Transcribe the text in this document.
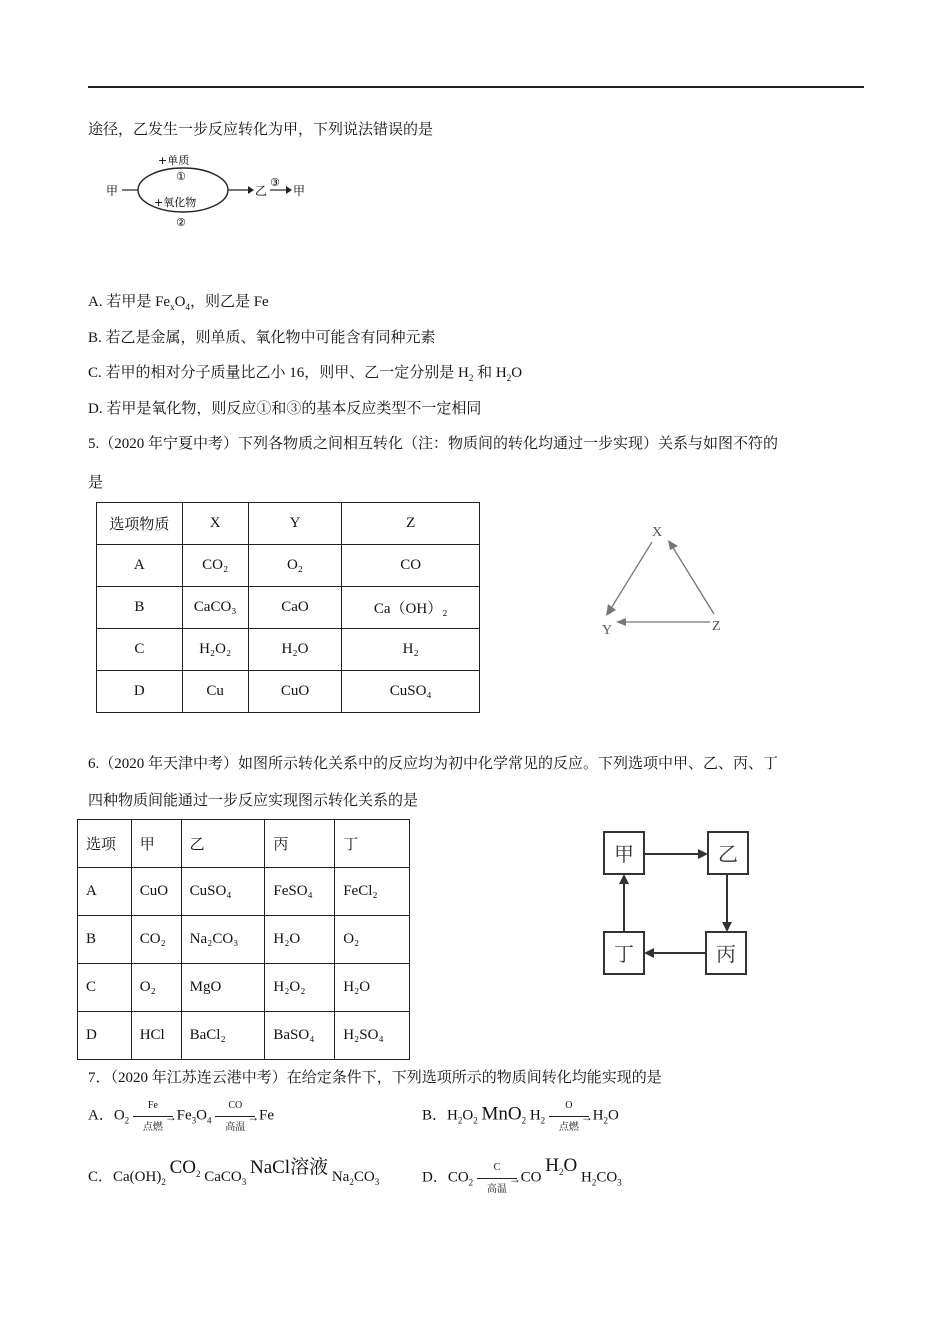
途径，乙发生一步反应转化为甲，下列说法错误的是
甲
+单质
①
+氧化物
②
乙
③
甲
A. 若甲是 $Fe_xO_4$，则乙是 Fe
B. 若乙是金属，则单质、氧化物中可能含有同种元素
C. 若甲的相对分子质量比乙小 16，则甲、乙一定分别是 $H_2$ 和 $H_2O$
D. 若甲是氧化物，则反应①和③的基本反应类型不一定相同
5.（2020 年宁夏中考）下列各物质之间相互转化（注：物质间的转化均通过一步实现）关系与如图不符的
是
选项物质	X	Y	Z
A	CO₂	O₂	CO
B	CaCO₃	CaO	Ca（OH）₂
C	H₂O₂	H₂O	H₂
D	Cu	CuO	CuSO₄
X
Y	Z
6.（2020 年天津中考）如图所示转化关系中的反应均为初中化学常见的反应。下列选项中甲、乙、丙、丁
四种物质间能通过一步反应实现图示转化关系的是
选项	甲	乙	丙	丁
A	CuO	CuSO₄	FeSO₄	FeCl₂
B	CO₂	Na₂CO₃	H₂O	O₂
C	O₂	MgO	H₂O₂	H₂O
D	HCl	BaCl₂	BaSO₄	H₂SO₄
甲	乙
丙
丁
7．（2020 年江苏连云港中考）在给定条件下，下列选项所示的物质间转化均能实现的是
A．$O_2$
Fe
→
点燃
$Fe_3O_4$
CO
→
高温
Fe	B．$H_2O_2$ MnO$_2$ $H_2$
O
→
点燃
$H_2O$
C．$Ca(OH)_2$ $CO_2$ CaCO$_3$ NaCl溶液 $Na_2CO_3$	D．$CO_2$
C
→
高温
CO $H_2O$ $H_2CO_3$
